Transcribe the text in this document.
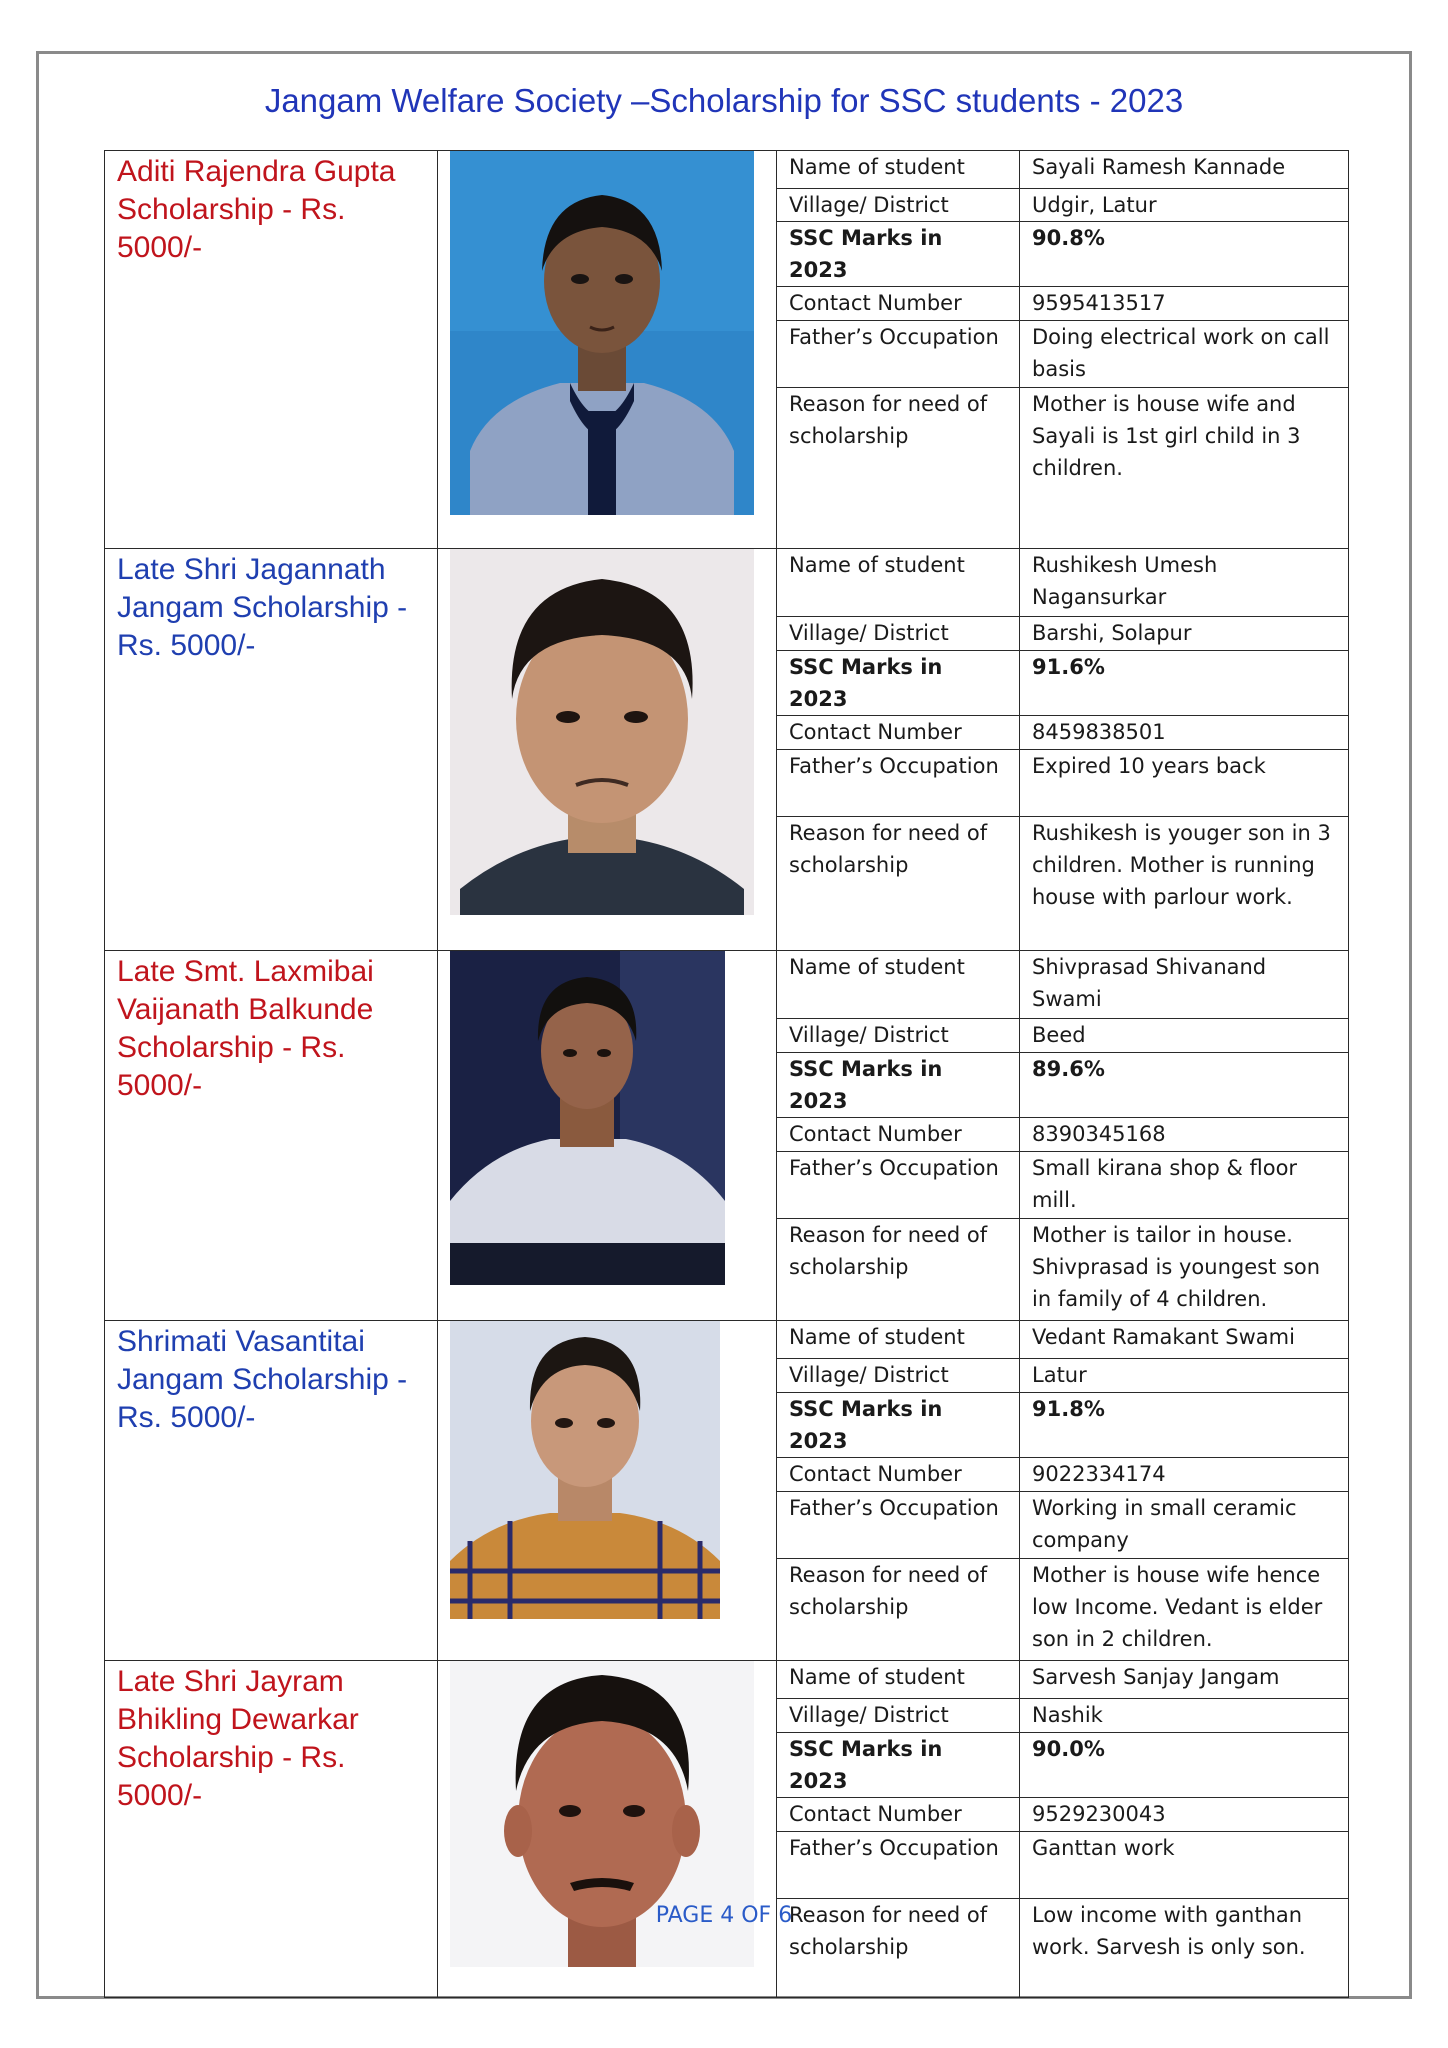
Jangam Welfare Society –Scholarship for SSC students - 2023
Aditi Rajendra Gupta Scholarship - Rs. 5000/-

Name of student	Sayali Ramesh Kannade
Village/ District	Udgir, Latur
SSC Marks in 2023	90.8%
Contact Number	9595413517
Father’s Occupation	Doing electrical work on call basis
Reason for need of scholarship	Mother is house wife and Sayali is 1st girl child in 3 children.

Late Shri Jagannath Jangam Scholarship - Rs. 5000/-

Name of student	Rushikesh Umesh Nagansurkar
Village/ District	Barshi, Solapur
SSC Marks in 2023	91.6%
Contact Number	8459838501
Father’s Occupation	Expired 10 years back
Reason for need of scholarship	Rushikesh is youger son in 3 children. Mother is running house with parlour work.

Late Smt. Laxmibai Vaijanath Balkunde Scholarship - Rs. 5000/-

Name of student	Shivprasad Shivanand Swami
Village/ District	Beed
SSC Marks in 2023	89.6%
Contact Number	8390345168
Father’s Occupation	Small kirana shop & floor mill.
Reason for need of scholarship	Mother is tailor in house. Shivprasad is youngest son in family of 4 children.

Shrimati Vasantitai Jangam Scholarship - Rs. 5000/-

Name of student	Vedant Ramakant Swami
Village/ District	Latur
SSC Marks in 2023	91.8%
Contact Number	9022334174
Father’s Occupation	Working in small ceramic company
Reason for need of scholarship	Mother is house wife hence low Income. Vedant is elder son in 2 children.

Late Shri Jayram Bhikling Dewarkar Scholarship - Rs. 5000/-

Name of student	Sarvesh Sanjay Jangam
Village/ District	Nashik
SSC Marks in 2023	90.0%
Contact Number	9529230043
Father’s Occupation	Ganttan work
Reason for need of scholarship	Low income with ganthan work. Sarvesh is only son.
PAGE 4 OF 6
